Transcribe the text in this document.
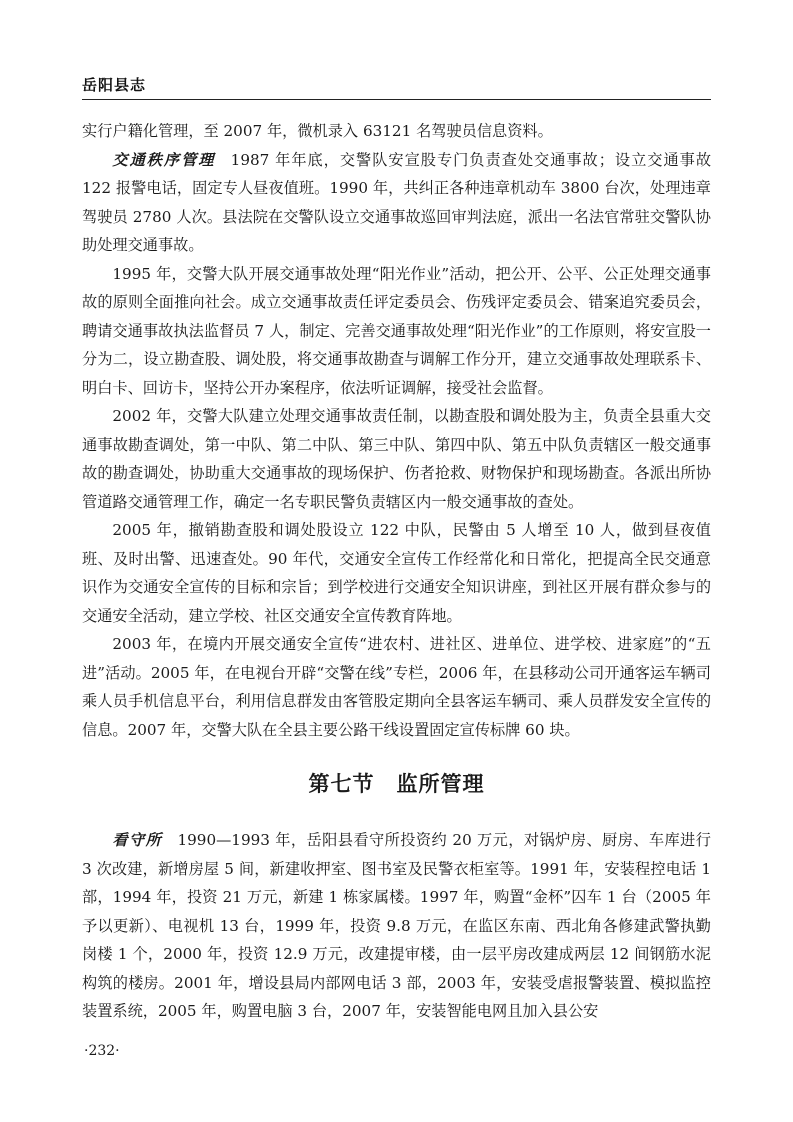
岳阳县志

实行户籍化管理，至 2007 年，微机录入 63121 名驾驶员信息资料。

交通秩序管理  1987 年年底，交警队安宣股专门负责查处交通事故；设立交通事故 122 报警电话，固定专人昼夜值班。1990 年，共纠正各种违章机动车 3800 台次，处理违章驾驶员 2780 人次。县法院在交警队设立交通事故巡回审判法庭，派出一名法官常驻交警队协助处理交通事故。

1995 年，交警大队开展交通事故处理“阳光作业”活动，把公开、公平、公正处理交通事故的原则全面推向社会。成立交通事故责任评定委员会、伤残评定委员会、错案追究委员会，聘请交通事故执法监督员 7 人，制定、完善交通事故处理“阳光作业”的工作原则，将安宣股一分为二，设立勘查股、调处股，将交通事故勘查与调解工作分开，建立交通事故处理联系卡、明白卡、回访卡，坚持公开办案程序，依法听证调解，接受社会监督。

2002 年，交警大队建立处理交通事故责任制，以勘查股和调处股为主，负责全县重大交通事故勘查调处，第一中队、第二中队、第三中队、第四中队、第五中队负责辖区一般交通事故的勘查调处，协助重大交通事故的现场保护、伤者抢救、财物保护和现场勘查。各派出所协管道路交通管理工作，确定一名专职民警负责辖区内一般交通事故的查处。

2005 年，撤销勘查股和调处股设立 122 中队，民警由 5 人增至 10 人，做到昼夜值班、及时出警、迅速查处。90 年代，交通安全宣传工作经常化和日常化，把提高全民交通意识作为交通安全宣传的目标和宗旨；到学校进行交通安全知识讲座，到社区开展有群众参与的交通安全活动，建立学校、社区交通安全宣传教育阵地。

2003 年，在境内开展交通安全宣传“进农村、进社区、进单位、进学校、进家庭”的“五进”活动。2005 年，在电视台开辟“交警在线”专栏，2006 年，在县移动公司开通客运车辆司乘人员手机信息平台，利用信息群发由客管股定期向全县客运车辆司、乘人员群发安全宣传的信息。2007 年，交警大队在全县主要公路干线设置固定宣传标牌 60 块。

第七节 监所管理

看守所  1990—1993 年，岳阳县看守所投资约 20 万元，对锅炉房、厨房、车库进行 3 次改建，新增房屋 5 间，新建收押室、图书室及民警衣柜室等。1991 年，安装程控电话 1 部，1994 年，投资 21 万元，新建 1 栋家属楼。1997 年，购置“金杯”囚车 1 台（2005 年予以更新）、电视机 13 台，1999 年，投资 9.8 万元，在监区东南、西北角各修建武警执勤岗楼 1 个，2000 年，投资 12.9 万元，改建提审楼，由一层平房改建成两层 12 间钢筋水泥构筑的楼房。2001 年，增设县局内部网电话 3 部，2003 年，安装受虐报警装置、模拟监控装置系统，2005 年，购置电脑 3 台，2007 年，安装智能电网且加入县公安

·232·
